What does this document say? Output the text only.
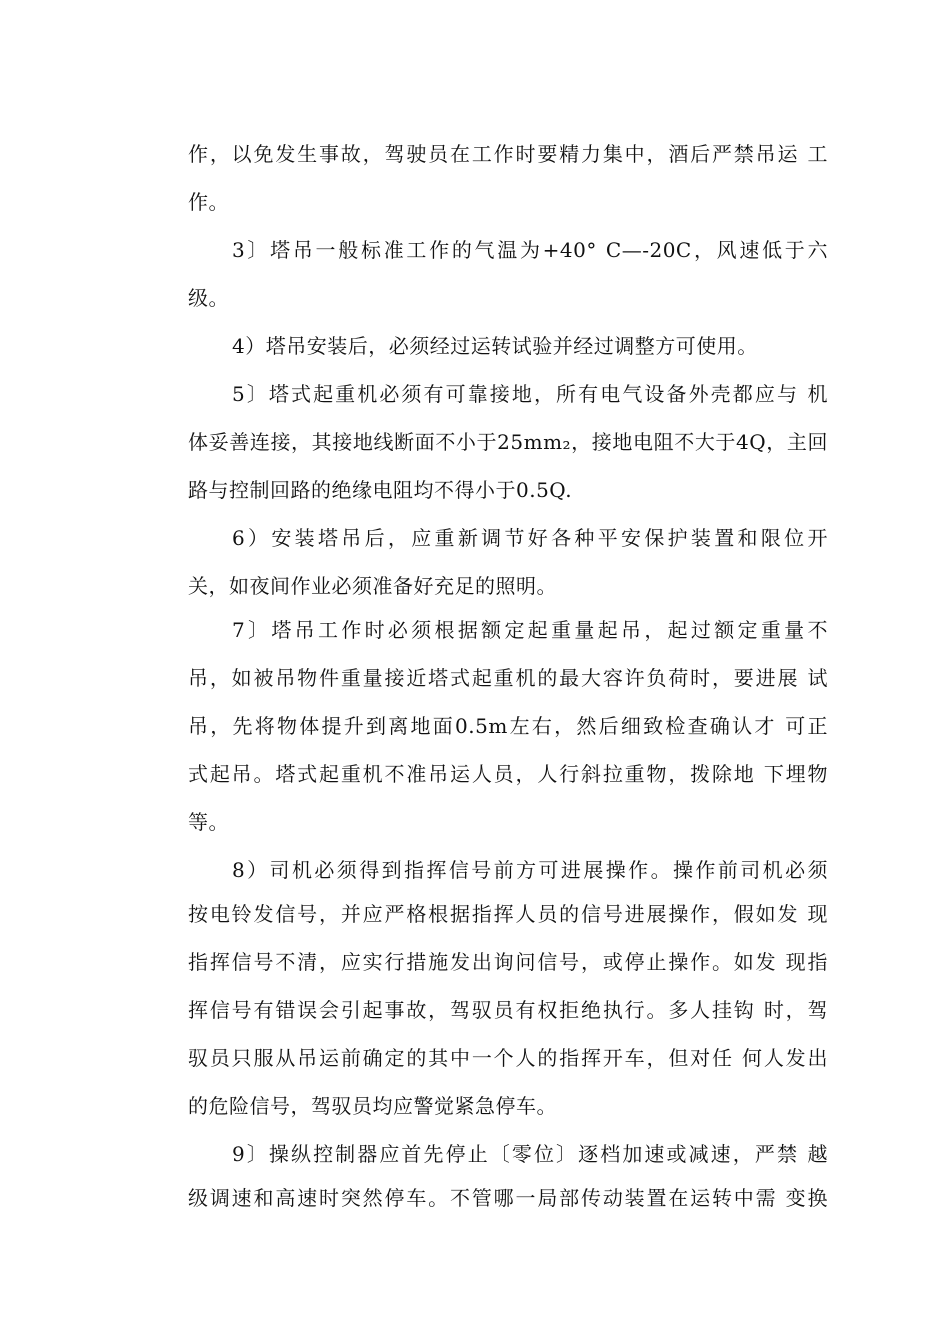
作，以免发生事故，驾驶员在工作时要精力集中，酒后严禁吊运 工
作。
3〕塔吊一般标准工作的气温为+40° C—-20C，风速低于六
级。
4）塔吊安装后，必须经过运转试验并经过调整方可使用。
5〕塔式起重机必须有可靠接地，所有电气设备外壳都应与 机
体妥善连接，其接地线断面不小于25mm₂，接地电阻不大于4Q，主回
路与控制回路的绝缘电阻均不得小于0.5Q.
6）安装塔吊后，应重新调节好各种平安保护装置和限位开
关，如夜间作业必须准备好充足的照明。
7〕塔吊工作时必须根据额定起重量起吊，起过额定重量不
吊，如被吊物件重量接近塔式起重机的最大容许负荷时，要进展 试
吊，先将物体提升到离地面0.5m左右，然后细致检查确认才 可正
式起吊。塔式起重机不准吊运人员，人行斜拉重物，拨除地 下埋物
等。
8）司机必须得到指挥信号前方可进展操作。操作前司机必须
按电铃发信号，并应严格根据指挥人员的信号进展操作，假如发 现
指挥信号不清，应实行措施发出询问信号，或停止操作。如发 现指
挥信号有错误会引起事故，驾驭员有权拒绝执行。多人挂钩 时，驾
驭员只服从吊运前确定的其中一个人的指挥开车，但对任 何人发出
的危险信号，驾驭员均应警觉紧急停车。
9〕操纵控制器应首先停止〔零位〕逐档加速或减速，严禁 越
级调速和高速时突然停车。不管哪一局部传动装置在运转中需 变换
